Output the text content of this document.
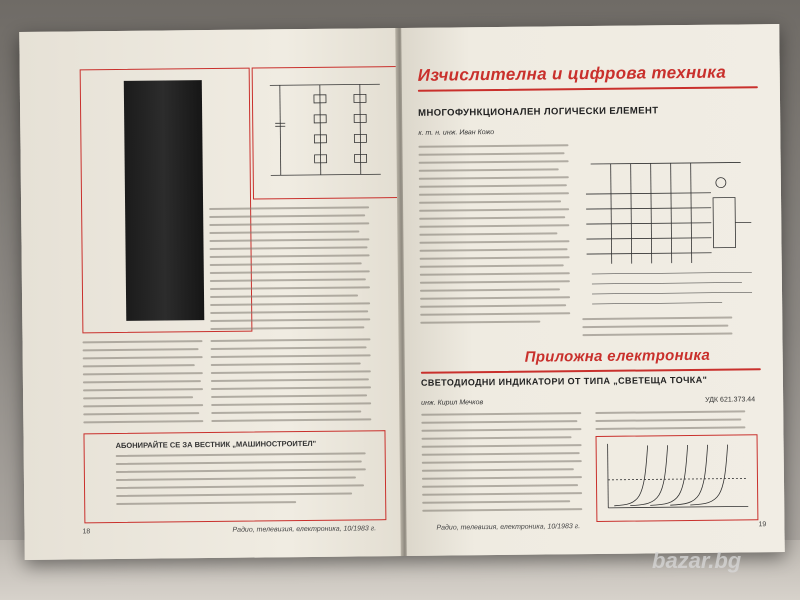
АБОНИРАЙТЕ СЕ ЗА ВЕСТНИК „МАШИНОСТРОИТЕЛ"
18	Радио, телевизия, електроника, 10/1983 г.
Изчислителна и цифрова техника
МНОГОФУНКЦИОНАЛЕН ЛОГИЧЕСКИ ЕЛЕМЕНТ
к. т. н. инж. Иван Кожо
Приложна електроника
СВЕТОДИОДНИ ИНДИКАТОРИ ОТ ТИПА „СВЕТЕЩА ТОЧКА"
инж. Кирил Мечков	УДК 621.373.44
Радио, телевизия, електроника, 10/1983 г.	19
bazar.bg
